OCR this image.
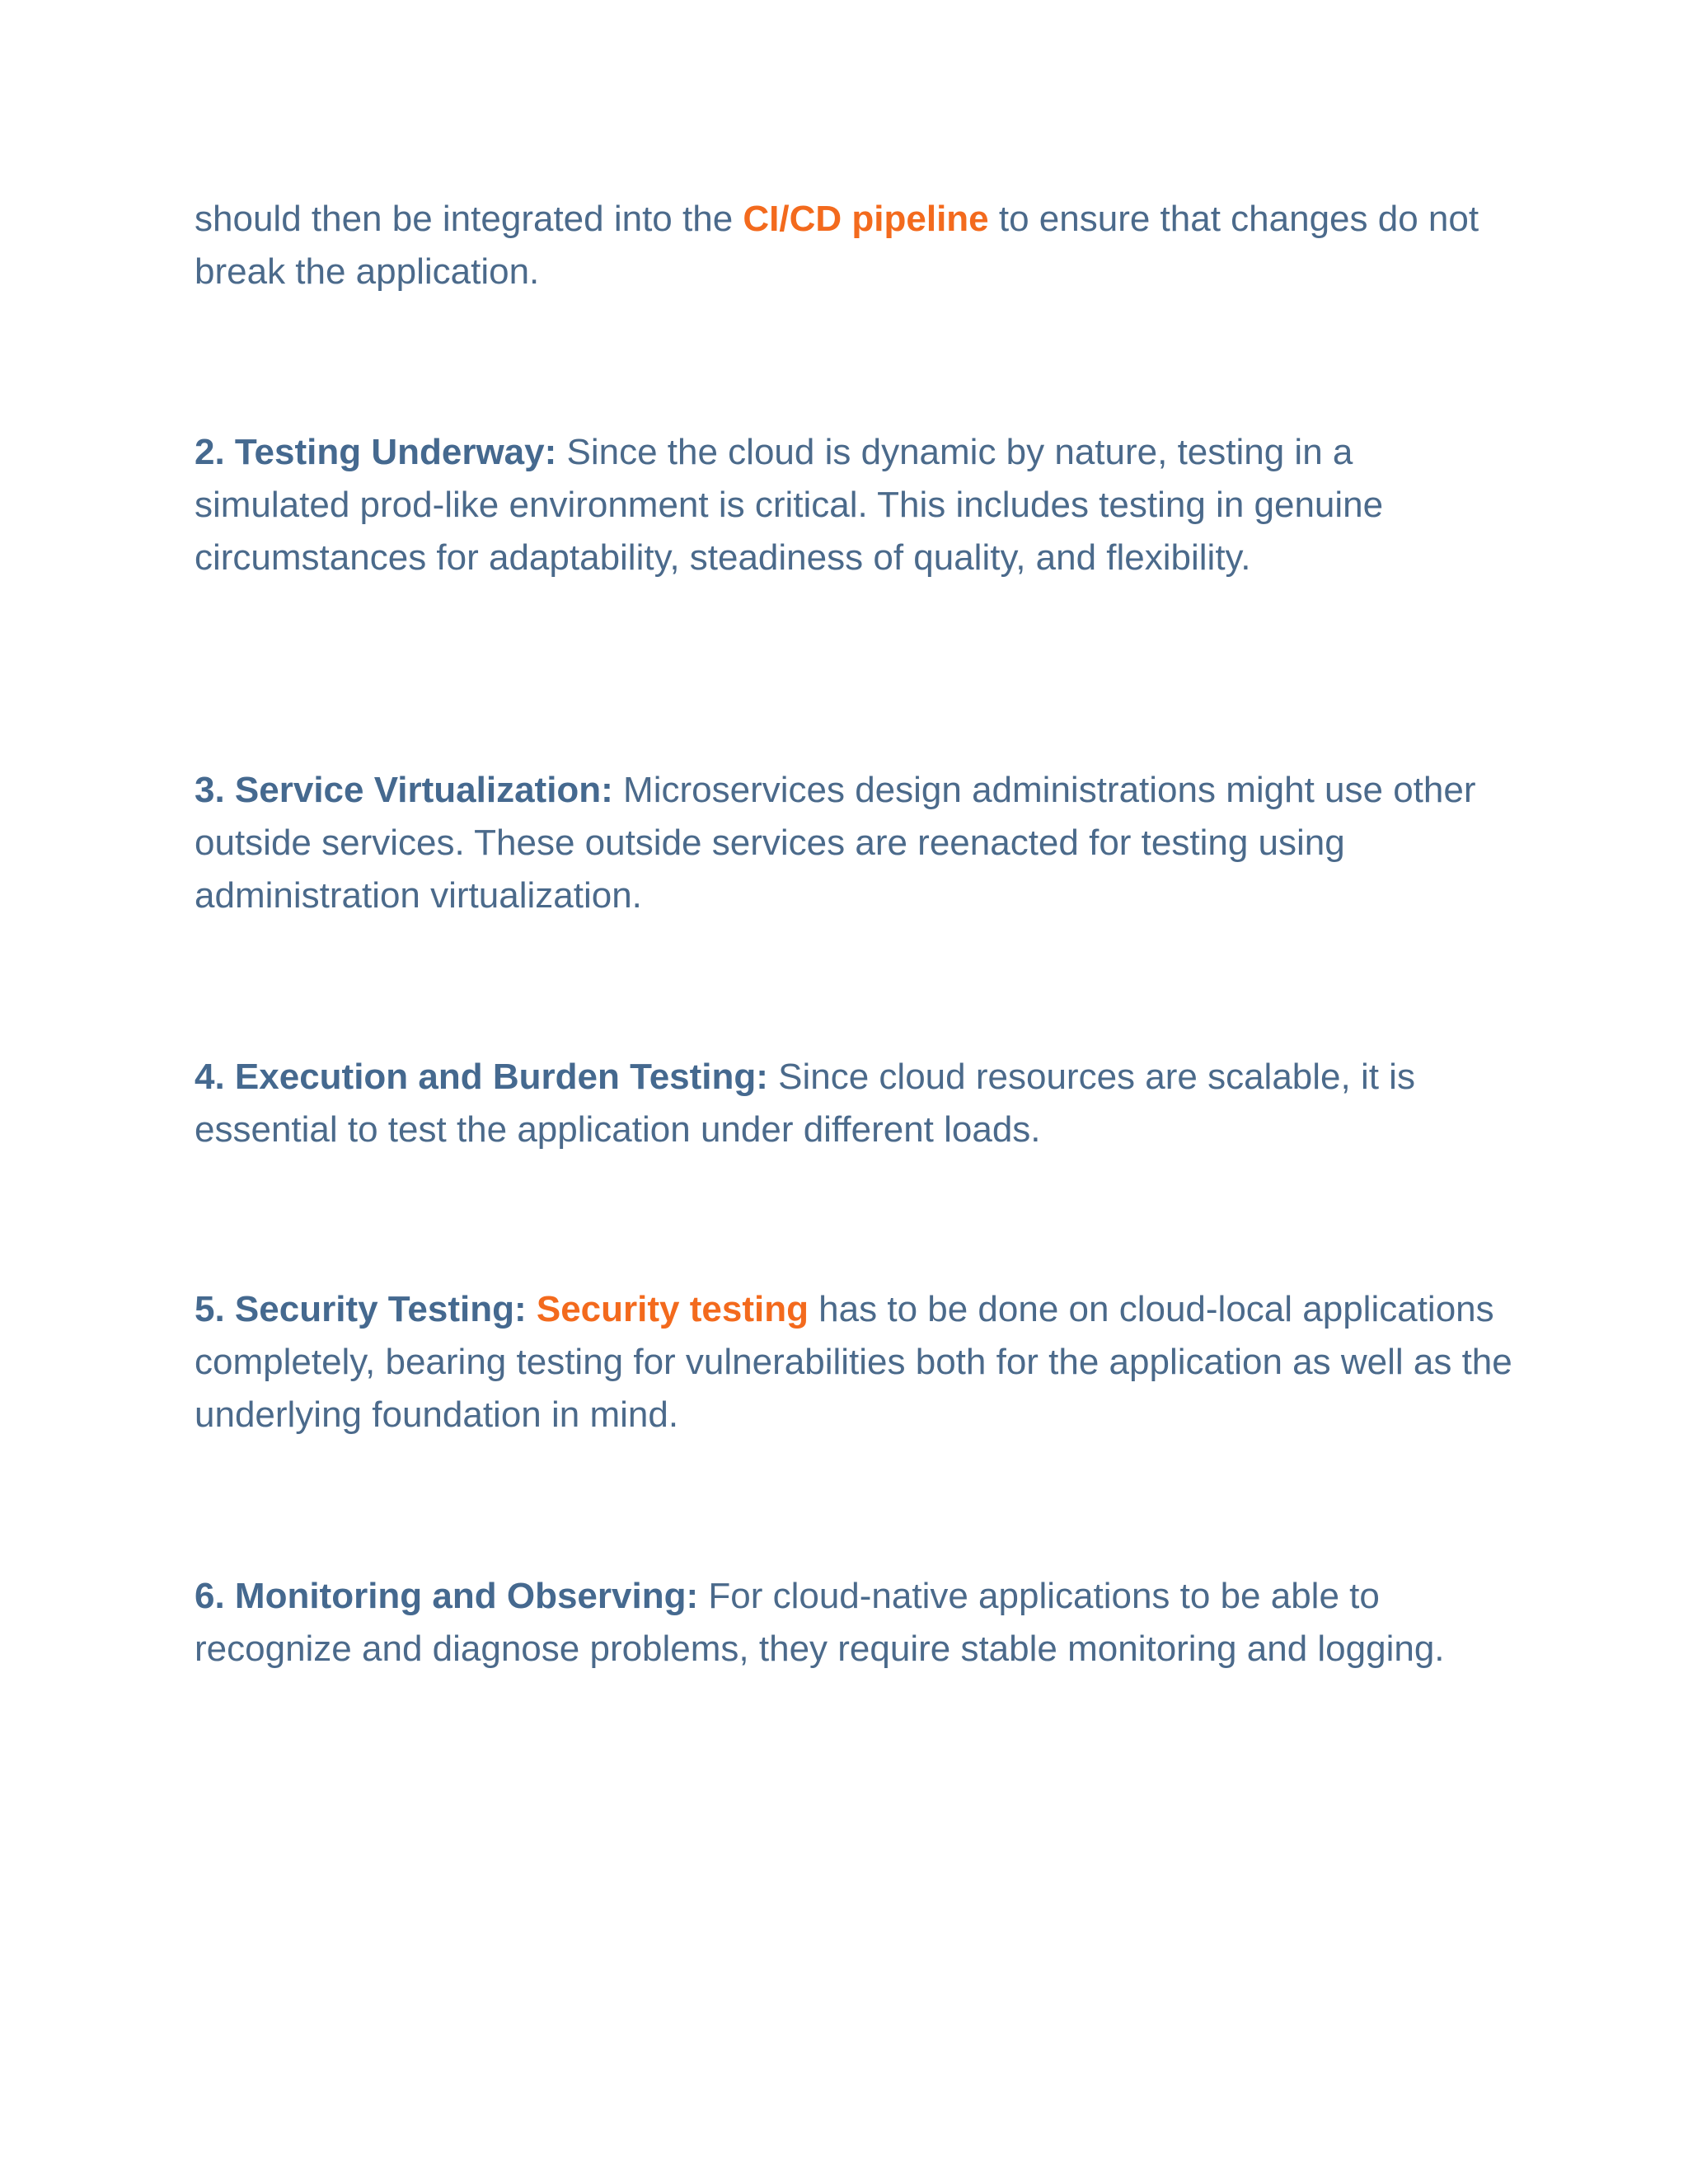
should then be integrated into the CI/CD pipeline to ensure that changes do not break the application.

2. Testing Underway: Since the cloud is dynamic by nature, testing in a simulated prod-like environment is critical. This includes testing in genuine circumstances for adaptability, steadiness of quality, and flexibility.

3. Service Virtualization: Microservices design administrations might use other outside services. These outside services are reenacted for testing using administration virtualization.

4. Execution and Burden Testing: Since cloud resources are scalable, it is essential to test the application under different loads.

5. Security Testing: Security testing has to be done on cloud-local applications completely, bearing testing for vulnerabilities both for the application as well as the underlying foundation in mind.

6. Monitoring and Observing: For cloud-native applications to be able to recognize and diagnose problems, they require stable monitoring and logging.
